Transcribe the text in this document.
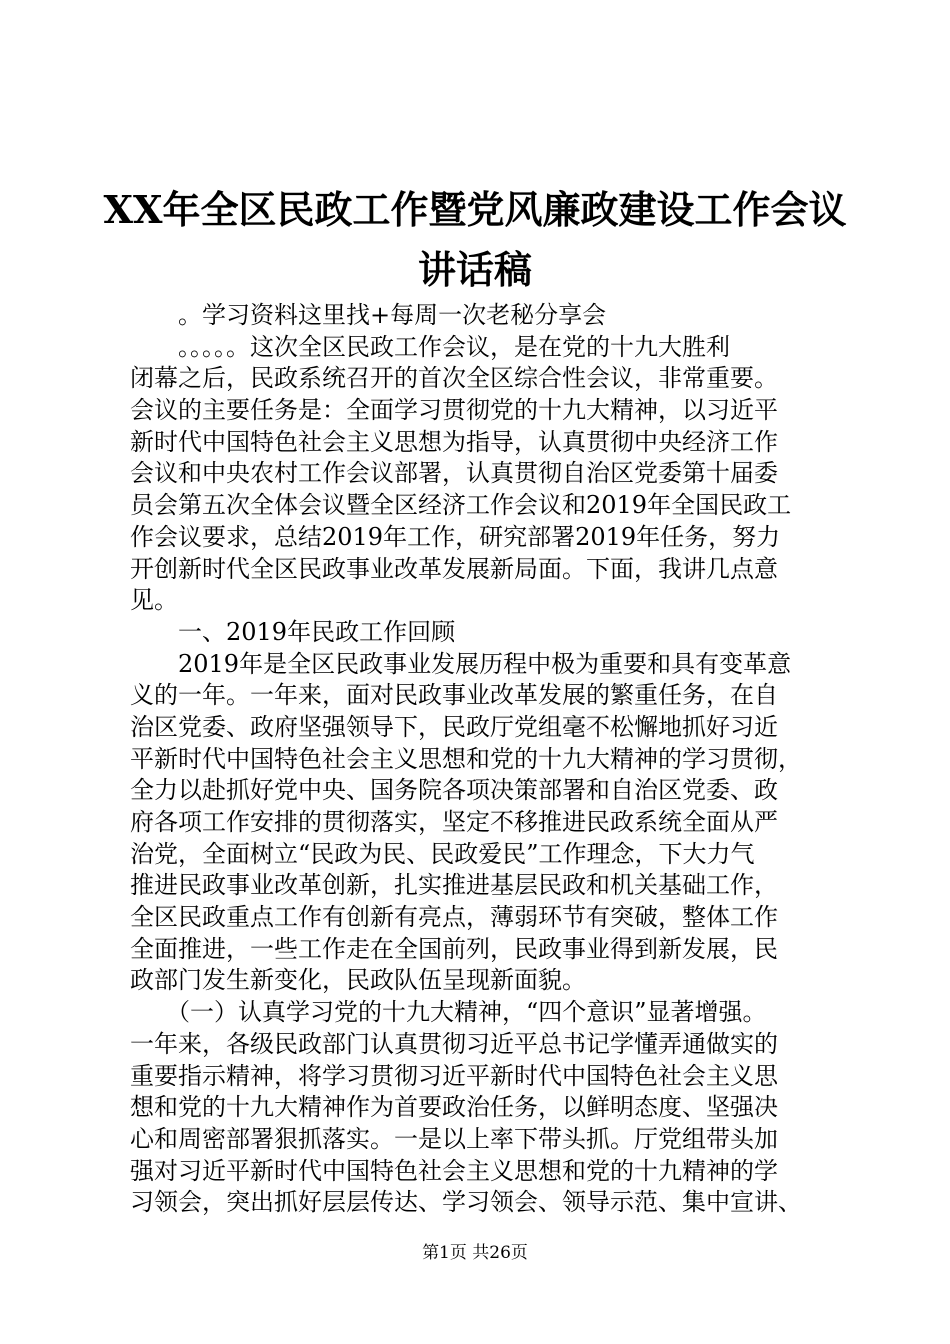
XX年全区民政工作暨党风廉政建设工作会议
讲话稿
　　。学习资料这里找+每周一次老秘分享会
　　。。。。。这次全区民政工作会议，是在党的十九大胜利
闭幕之后，民政系统召开的首次全区综合性会议，非常重要。
会议的主要任务是：全面学习贯彻党的十九大精神，以习近平
新时代中国特色社会主义思想为指导，认真贯彻中央经济工作
会议和中央农村工作会议部署，认真贯彻自治区党委第十届委
员会第五次全体会议暨全区经济工作会议和2019年全国民政工
作会议要求，总结2019年工作，研究部署2019年任务，努力
开创新时代全区民政事业改革发展新局面。下面，我讲几点意
见。
　　一、2019年民政工作回顾
　　2019年是全区民政事业发展历程中极为重要和具有变革意
义的一年。一年来，面对民政事业改革发展的繁重任务，在自
治区党委、政府坚强领导下，民政厅党组毫不松懈地抓好习近
平新时代中国特色社会主义思想和党的十九大精神的学习贯彻，
全力以赴抓好党中央、国务院各项决策部署和自治区党委、政
府各项工作安排的贯彻落实，坚定不移推进民政系统全面从严
治党，全面树立“民政为民、民政爱民”工作理念，下大力气
推进民政事业改革创新，扎实推进基层民政和机关基础工作，
全区民政重点工作有创新有亮点，薄弱环节有突破，整体工作
全面推进，一些工作走在全国前列，民政事业得到新发展，民
政部门发生新变化，民政队伍呈现新面貌。
　　（一）认真学习党的十九大精神，“四个意识”显著增强。
一年来，各级民政部门认真贯彻习近平总书记学懂弄通做实的
重要指示精神，将学习贯彻习近平新时代中国特色社会主义思
想和党的十九大精神作为首要政治任务，以鲜明态度、坚强决
心和周密部署狠抓落实。一是以上率下带头抓。厅党组带头加
强对习近平新时代中国特色社会主义思想和党的十九精神的学
习领会，突出抓好层层传达、学习领会、领导示范、集中宣讲、
第1页 共26页
